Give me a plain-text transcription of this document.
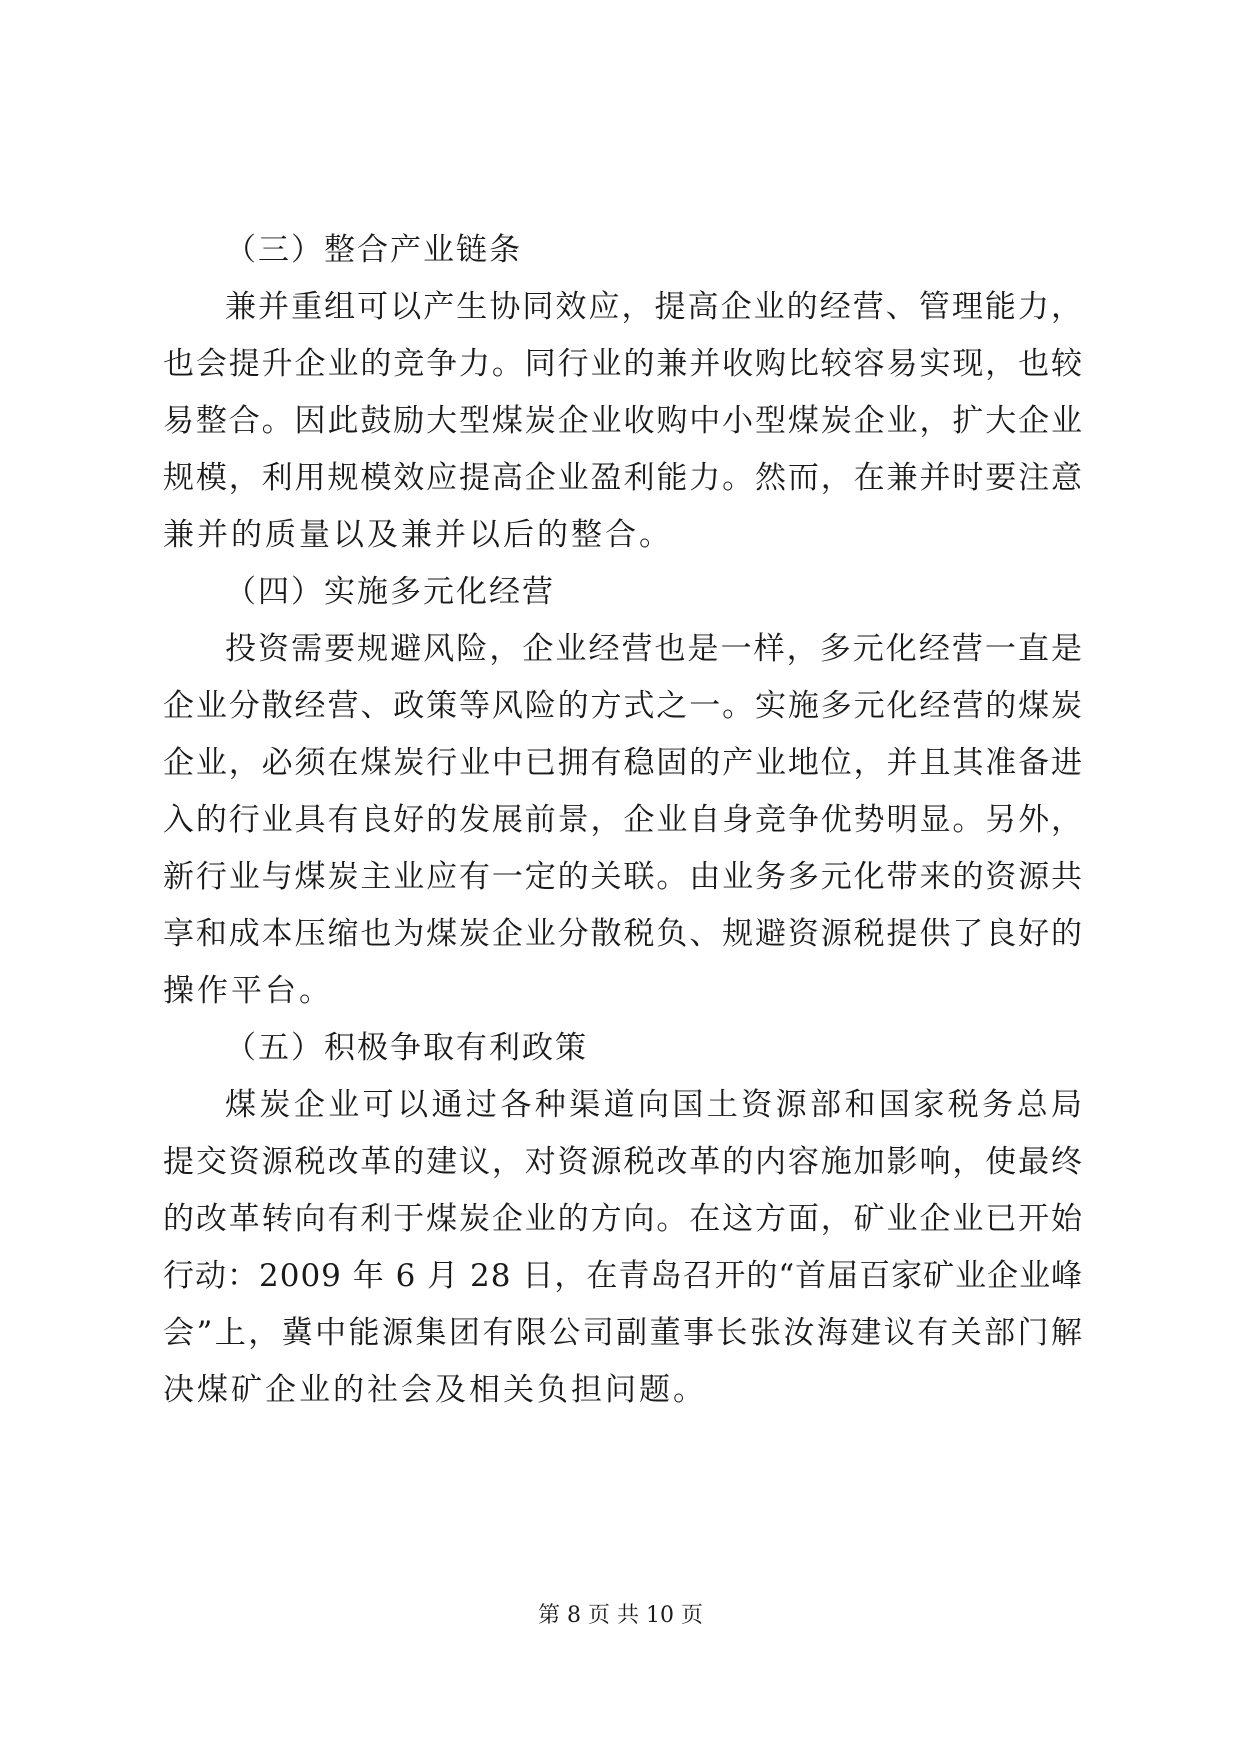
（三）整合产业链条

兼并重组可以产生协同效应，提高企业的经营、管理能力，

也会提升企业的竞争力。同行业的兼并收购比较容易实现，也较

易整合。因此鼓励大型煤炭企业收购中小型煤炭企业，扩大企业

规模，利用规模效应提高企业盈利能力。然而，在兼并时要注意

兼并的质量以及兼并以后的整合。

（四）实施多元化经营

投资需要规避风险，企业经营也是一样，多元化经营一直是

企业分散经营、政策等风险的方式之一。实施多元化经营的煤炭

企业，必须在煤炭行业中已拥有稳固的产业地位，并且其准备进

入的行业具有良好的发展前景，企业自身竞争优势明显。另外，

新行业与煤炭主业应有一定的关联。由业务多元化带来的资源共

享和成本压缩也为煤炭企业分散税负、规避资源税提供了良好的

操作平台。

（五）积极争取有利政策

煤炭企业可以通过各种渠道向国土资源部和国家税务总局

提交资源税改革的建议，对资源税改革的内容施加影响，使最终

的改革转向有利于煤炭企业的方向。在这方面，矿业企业已开始

行动：2009 年 6 月 28 日，在青岛召开的“首届百家矿业企业峰

会”上，冀中能源集团有限公司副董事长张汝海建议有关部门解

决煤矿企业的社会及相关负担问题。

第 8 页 共 10 页
